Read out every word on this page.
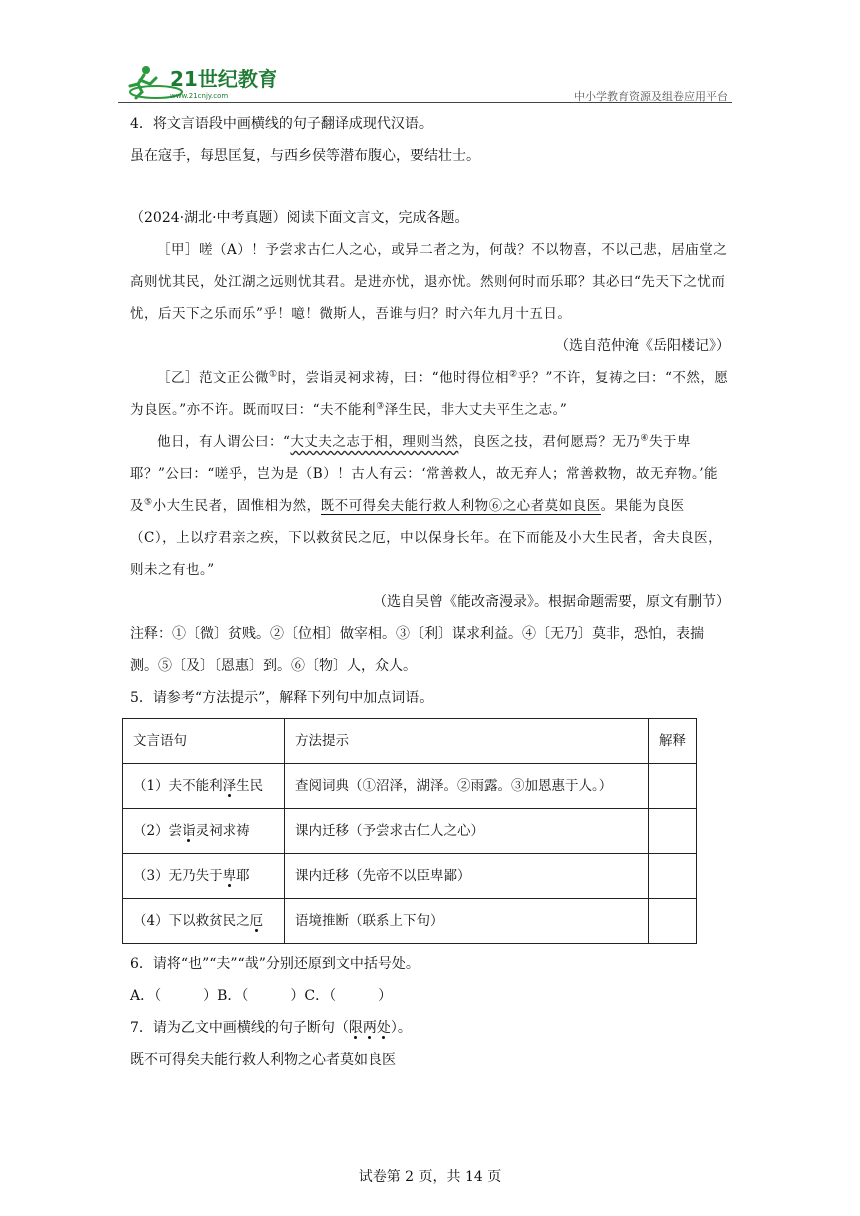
21世纪教育
www.21cnjy.com	中小学教育资源及组卷应用平台

4．将文言语段中画横线的句子翻译成现代汉语。

虽在寇手，每思匡复，与西乡侯等潜布腹心，要结壮士。

（2024·湖北·中考真题）阅读下面文言文，完成各题。

［甲］嗟（A）！予尝求古仁人之心，或异二者之为，何哉？不以物喜，不以己悲，居庙堂之高则忧其民，处江湖之远则忧其君。是进亦忧，退亦忧。然则何时而乐耶？其必曰“先天下之忧而忧，后天下之乐而乐”乎！噫！微斯人，吾谁与归？时六年九月十五日。

（选自范仲淹《岳阳楼记》）

［乙］范文正公微①时，尝诣灵祠求祷，曰：“他时得位相②乎？”不许，复祷之曰：“不然，愿为良医。”亦不许。既而叹曰：“夫不能利③泽生民，非大丈夫平生之志。”

他日，有人谓公曰：“大丈夫之志于相，理则当然，良医之技，君何愿焉？无乃④失于卑耶？”公曰：“嗟乎，岂为是（B）！古人有云：‘常善救人，故无弃人；常善救物，故无弃物。’能及⑤小大生民者，固惟相为然，既不可得矣夫能行救人利物⑥之心者莫如良医。果能为良医（C），上以疗君亲之疾，下以救贫民之厄，中以保身长年。在下而能及小大生民者，舍夫良医，则未之有也。”

（选自吴曾《能改斋漫录》。根据命题需要，原文有删节）

注释：①〔微〕贫贱。②〔位相〕做宰相。③〔利〕谋求利益。④〔无乃〕莫非，恐怕，表揣测。⑤〔及〕〔恩惠〕到。⑥〔物〕人，众人。

5．请参考“方法提示”，解释下列句中加点词语。

文言语句	方法提示	解释
（1）夫不能利泽生民	查阅词典（①沼泽，湖泽。②雨露。③加恩惠于人。）	
（2）尝诣灵祠求祷	课内迁移（予尝求古仁人之心）	
（3）无乃失于卑耶	课内迁移（先帝不以臣卑鄙）	
（4）下以救贫民之厄	语境推断（联系上下句）	

6．请将“也”“夫”“哉”分别还原到文中括号处。

A．（　　　）B．（　　　）C．（　　　）

7．请为乙文中画横线的句子断句（限两处）。

既不可得矣夫能行救人利物之心者莫如良医

试卷第 2 页，共 14 页
